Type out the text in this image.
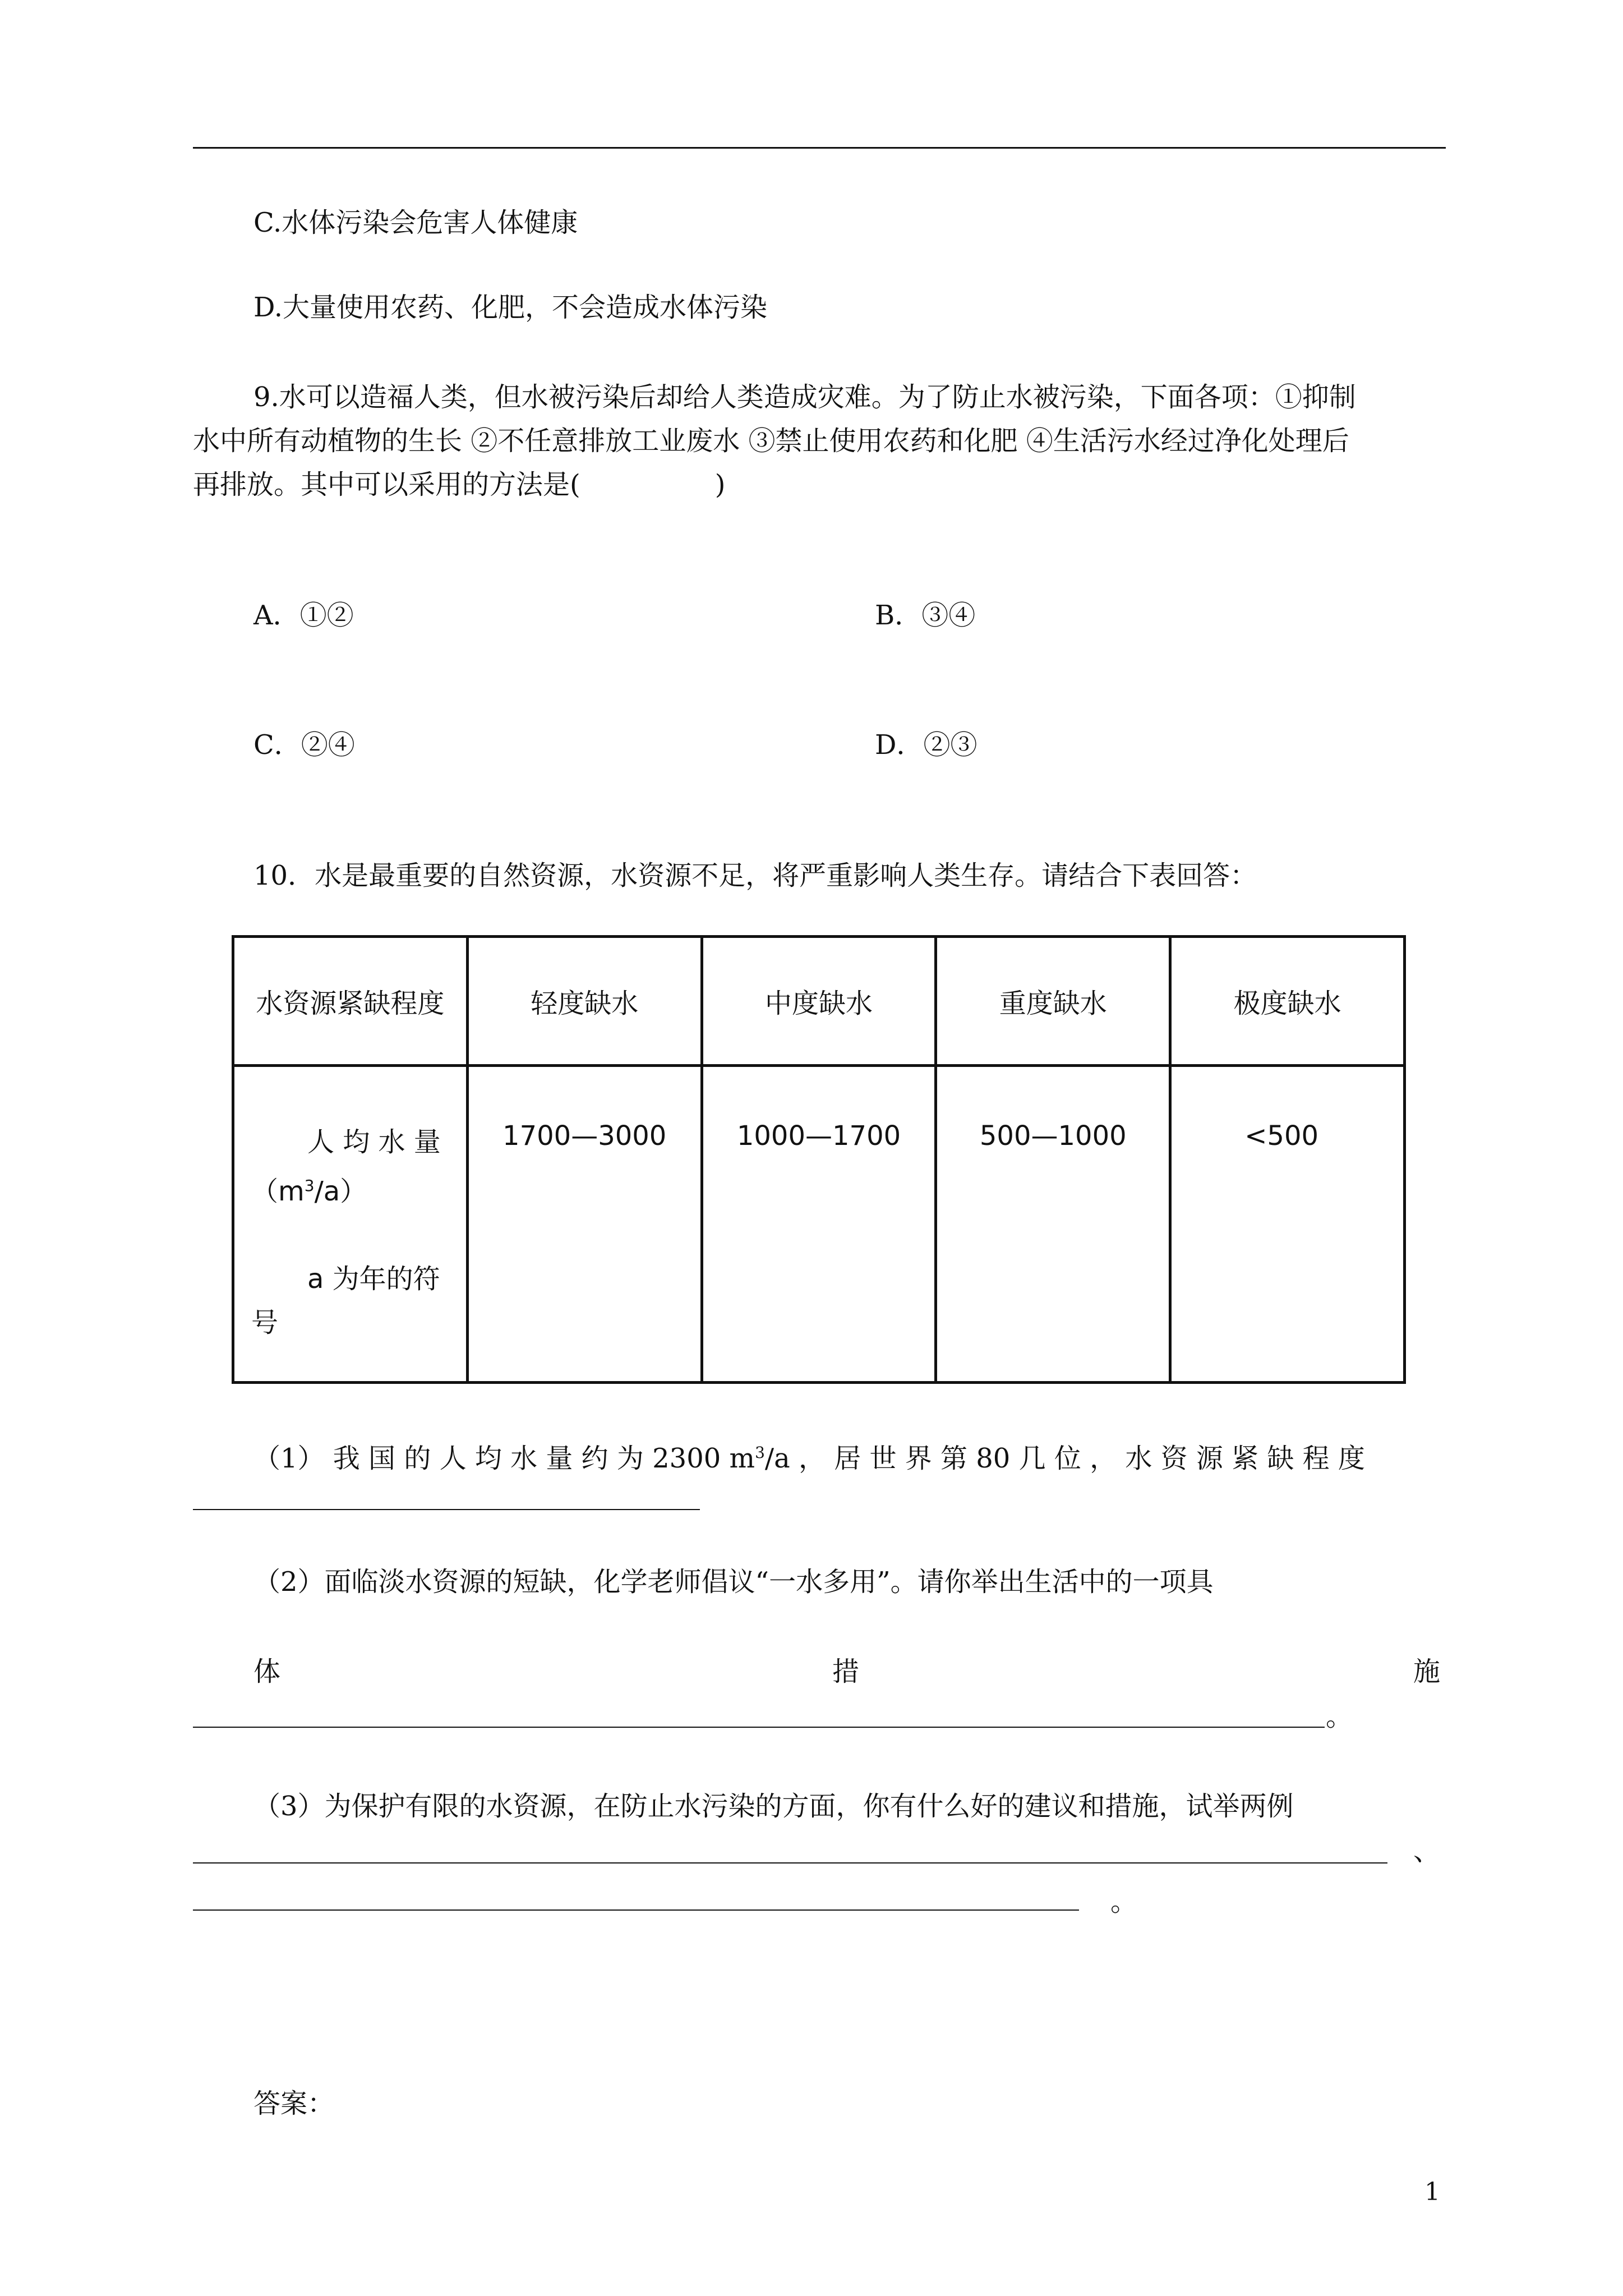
C.水体污染会危害人体健康
D.大量使用农药、化肥，不会造成水体污染
9.水可以造福人类，但水被污染后却给人类造成灾难。为了防止水被污染，下面各项：①抑制
水中所有动植物的生长 ②不任意排放工业废水 ③禁止使用农药和化肥 ④生活污水经过净化处理后
再排放。其中可以采用的方法是(　　　　　)
A．①②	B．③④
C．②④	D．②③
10．水是最重要的自然资源，水资源不足，将严重影响人类生存。请结合下表回答：
水资源紧缺程度	轻度缺水	中度缺水	重度缺水	极度缺水

人 均 水 量
$(m^3/a)$
a 为年的符
号	1700—3000	1000—1700	500—1000	<500
（1） 我 国 的 人 均 水 量 约 为 2300 $m^3/a$ ， 居 世 界 第 80 几 位 ， 水 资 源 紧 缺 程 度
（2）面临淡水资源的短缺，化学老师倡议“一水多用”。请你举出生活中的一项具
体	措	施
。
（3）为保护有限的水资源，在防止水污染的方面，你有什么好的建议和措施，试举两例
、
。
答案：
1
